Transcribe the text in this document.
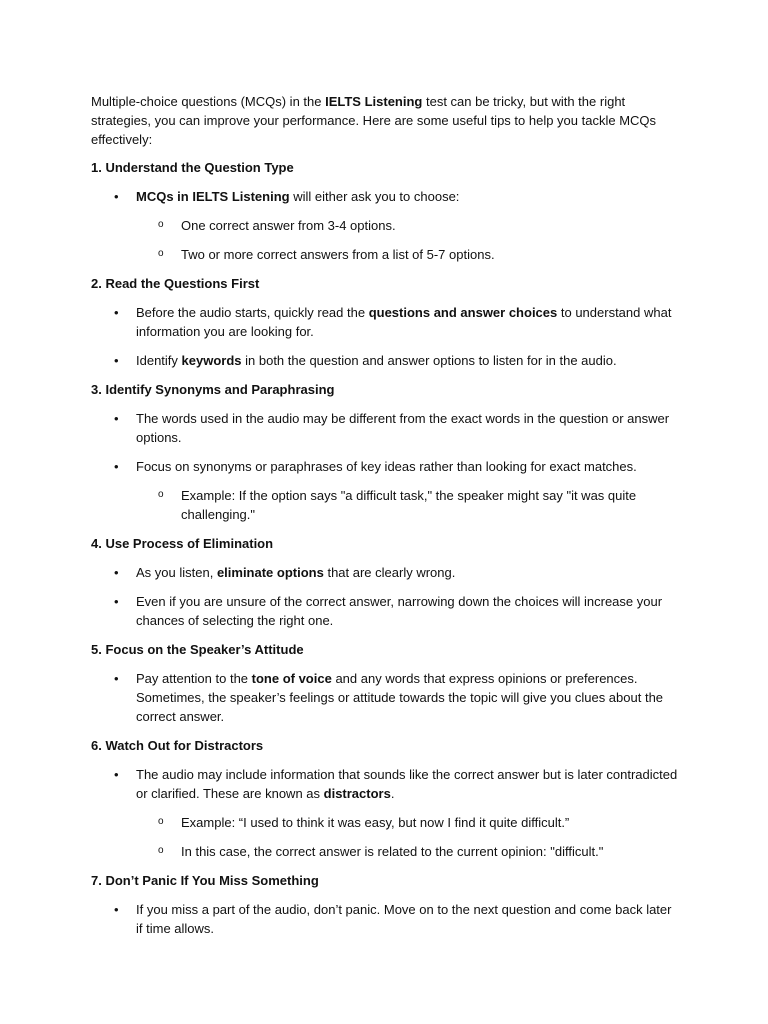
Multiple-choice questions (MCQs) in the IELTS Listening test can be tricky, but with the right strategies, you can improve your performance. Here are some useful tips to help you tackle MCQs effectively:

1. Understand the Question Type

• MCQs in IELTS Listening will either ask you to choose:
o One correct answer from 3-4 options.
o Two or more correct answers from a list of 5-7 options.

2. Read the Questions First

• Before the audio starts, quickly read the questions and answer choices to understand what information you are looking for.
• Identify keywords in both the question and answer options to listen for in the audio.

3. Identify Synonyms and Paraphrasing

• The words used in the audio may be different from the exact words in the question or answer options.
• Focus on synonyms or paraphrases of key ideas rather than looking for exact matches.
o Example: If the option says "a difficult task," the speaker might say "it was quite challenging."

4. Use Process of Elimination

• As you listen, eliminate options that are clearly wrong.
• Even if you are unsure of the correct answer, narrowing down the choices will increase your chances of selecting the right one.

5. Focus on the Speaker’s Attitude

• Pay attention to the tone of voice and any words that express opinions or preferences. Sometimes, the speaker’s feelings or attitude towards the topic will give you clues about the correct answer.

6. Watch Out for Distractors

• The audio may include information that sounds like the correct answer but is later contradicted or clarified. These are known as distractors.
o Example: “I used to think it was easy, but now I find it quite difficult.”
o In this case, the correct answer is related to the current opinion: "difficult."

7. Don’t Panic If You Miss Something

• If you miss a part of the audio, don’t panic. Move on to the next question and come back later if time allows.
